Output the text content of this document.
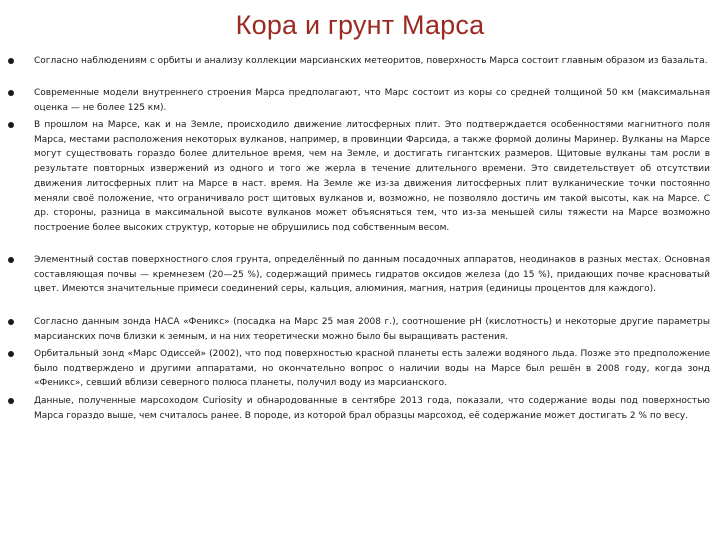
Кора и грунт Марса
Согласно наблюдениям с орбиты и анализу коллекции марсианских метеоритов, поверхность Марса состоит главным образом из базальта.
Современные модели внутреннего строения Марса предполагают, что Марс состоит из коры со средней толщиной 50 км (максимальная оценка — не более 125 км).
В прошлом на Марсе, как и на Земле, происходило движение литосферных плит. Это подтверждается особенностями магнитного поля Марса, местами расположения некоторых вулканов, например, в провинции Фарсида, а также формой долины Маринер. Вулканы на Марсе могут существовать гораздо более длительное время, чем на Земле, и достигать гигантских размеров. Щитовые вулканы там росли в результате повторных извержений из одного и того же жерла в течение длительного времени. Это свидетельствует об отсутствии движения литосферных плит на Марсе в наст. время. На Земле же из-за движения литосферных плит вулканические точки постоянно меняли своё положение, что ограничивало рост щитовых вулканов и, возможно, не позволяло достичь им такой высоты, как на Марсе. С др. стороны, разница в максимальной высоте вулканов может объясняться тем, что из-за меньшей силы тяжести на Марсе возможно построение более высоких структур, которые не обрушились под собственным весом.
Элементный состав поверхностного слоя грунта, определённый по данным посадочных аппаратов, неодинаков в разных местах. Основная составляющая почвы — кремнезем (20—25 %), содержащий примесь гидратов оксидов железа (до 15 %), придающих почве красноватый цвет. Имеются значительные примеси соединений серы, кальция, алюминия, магния, натрия (единицы процентов для каждого).
Согласно данным зонда НАСА «Феникс» (посадка на Марс 25 мая 2008 г.), соотношение pH (кислотность) и некоторые другие параметры марсианских почв близки к земным, и на них теоретически можно было бы выращивать растения.
Орбитальный зонд «Марс Одиссей» (2002), что под поверхностью красной планеты есть залежи водяного льда. Позже это предположение было подтверждено и другими аппаратами, но окончательно вопрос о наличии воды на Марсе был решён в 2008 году, когда зонд «Феникс», севший вблизи северного полюса планеты, получил воду из марсианского.
Данные, полученные марсоходом Curiosity и обнародованные в сентябре 2013 года, показали, что содержание воды под поверхностью Марса гораздо выше, чем считалось ранее. В породе, из которой брал образцы марсоход, её содержание может достигать 2 % по весу.
